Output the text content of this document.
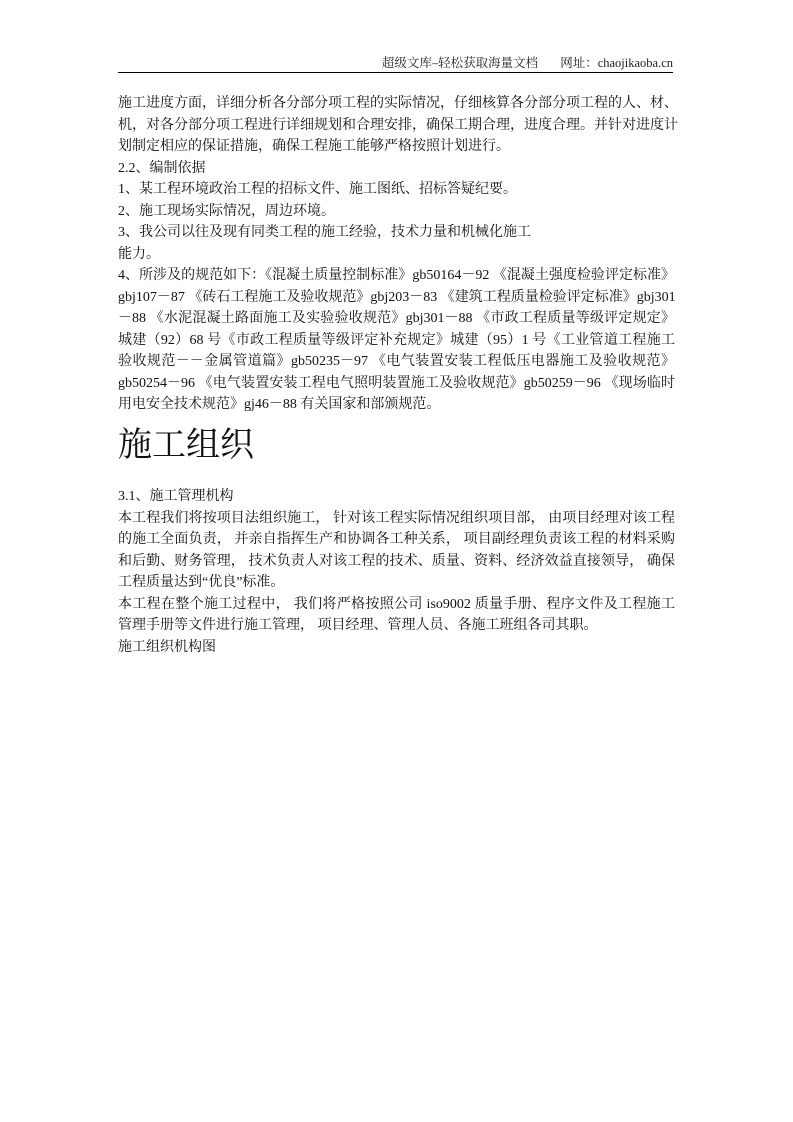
超级文库–轻松获取海量文档 网址：chaojikaoba.cn
施工进度方面，详细分析各分部分项工程的实际情况，仔细核算各分部分项工程的人、材、
机，对各分部分项工程进行详细规划和合理安排，确保工期合理，进度合理。并针对进度计
划制定相应的保证措施，确保工程施工能够严格按照计划进行。
2.2、编制依据
1、某工程环境政治工程的招标文件、施工图纸、招标答疑纪要。
2、施工现场实际情况，周边环境。
3、我公司以往及现有同类工程的施工经验，技术力量和机械化施工
能力。
4、所涉及的规范如下：《混凝土质量控制标准》gb50164－92 《混凝土强度检验评定标准》
gbj107－87 《砖石工程施工及验收规范》gbj203－83 《建筑工程质量检验评定标准》gbj301
－88 《水泥混凝土路面施工及实验验收规范》gbj301－88 《市政工程质量等级评定规定》
城建（92）68 号《市政工程质量等级评定补充规定》城建（95）1 号《工业管道工程施工
验收规范－－金属管道篇》gb50235－97 《电气装置安装工程低压电器施工及验收规范》
gb50254－96 《电气装置安装工程电气照明装置施工及验收规范》gb50259－96 《现场临时
用电安全技术规范》gj46－88 有关国家和部颁规范。
施工组织
3.1、施工管理机构
本工程我们将按项目法组织施工， 针对该工程实际情况组织项目部， 由项目经理对该工程
的施工全面负责， 并亲自指挥生产和协调各工种关系， 项目副经理负责该工程的材料采购
和后勤、财务管理， 技术负责人对该工程的技术、质量、资料、经济效益直接领导， 确保
工程质量达到“优良”标准。
本工程在整个施工过程中， 我们将严格按照公司 iso9002 质量手册、程序文件及工程施工
管理手册等文件进行施工管理， 项目经理、管理人员、各施工班组各司其职。
施工组织机构图
